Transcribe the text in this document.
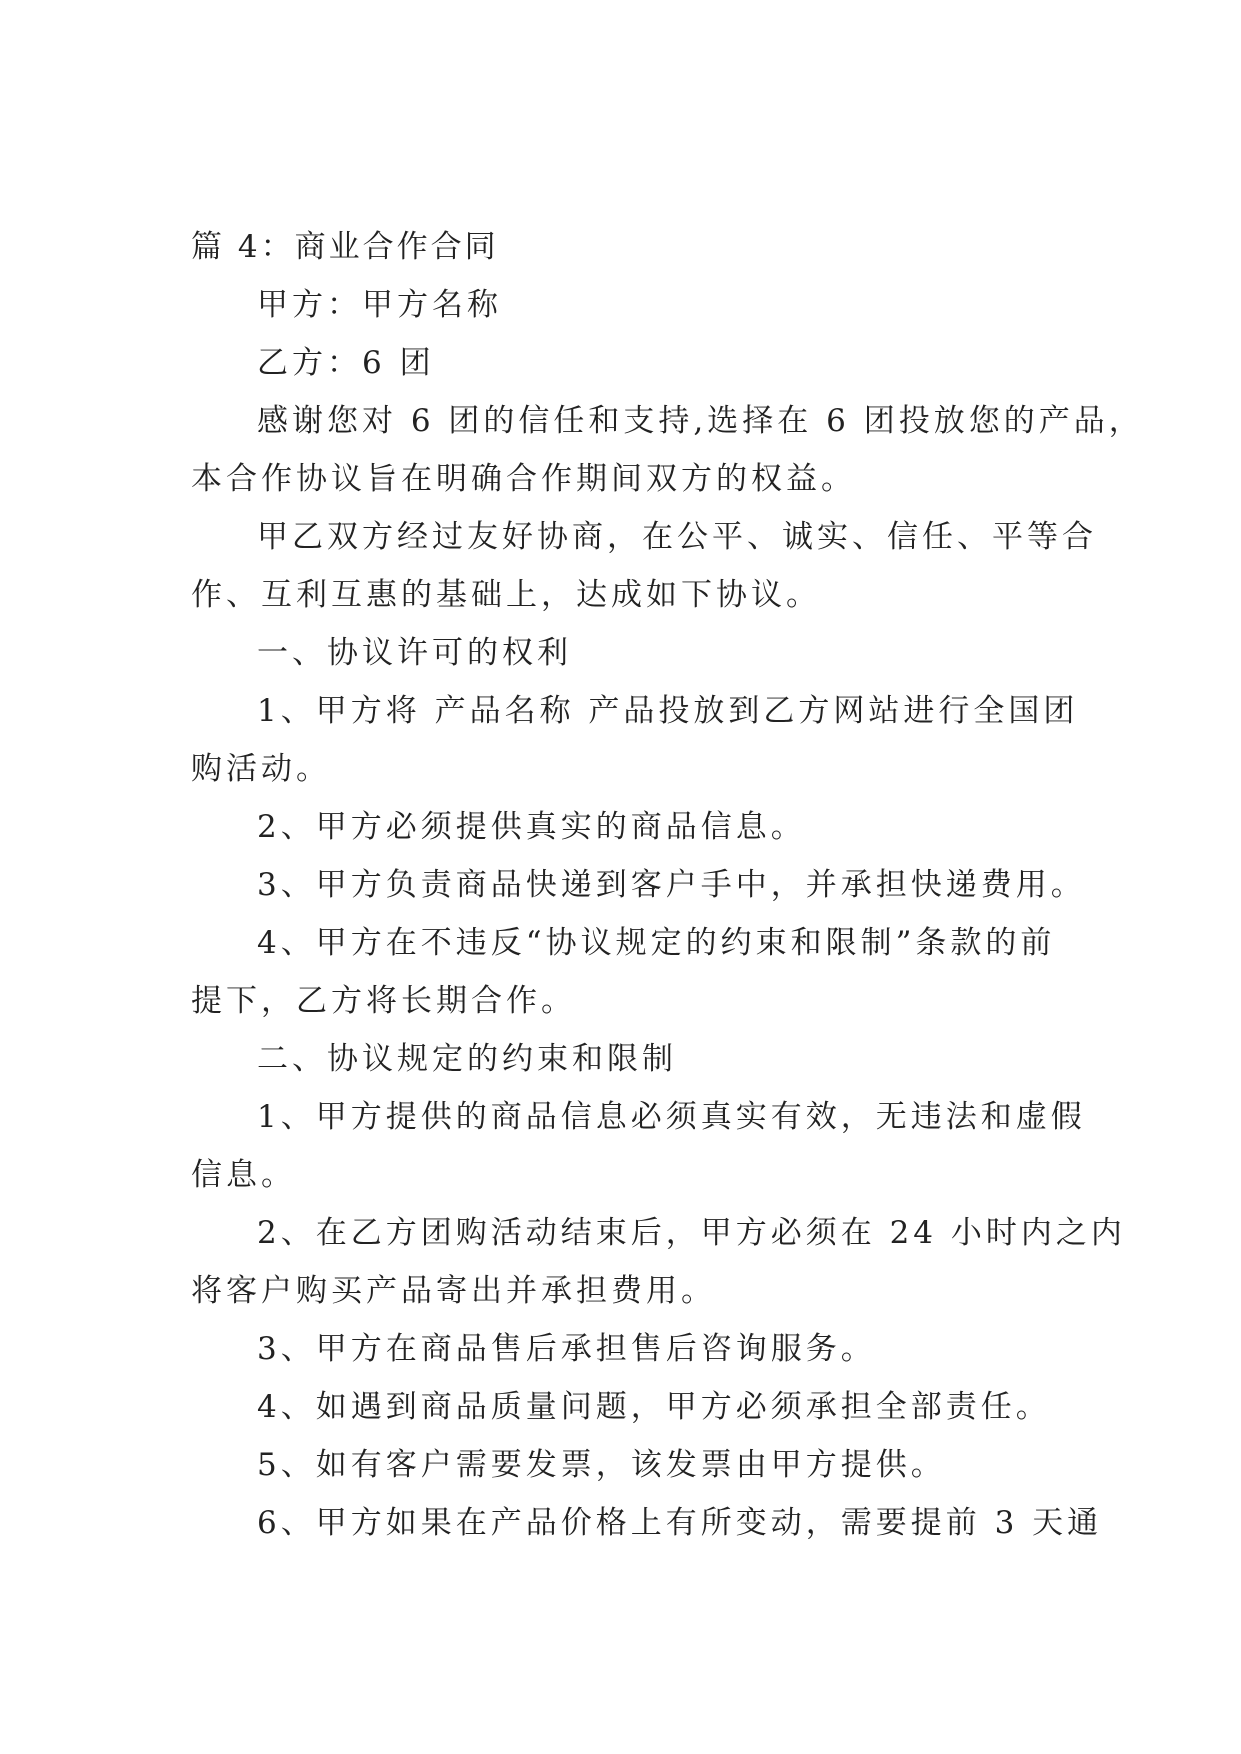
篇 4：商业合作合同
甲方：甲方名称
乙方：6 团
感谢您对 6 团的信任和支持,选择在 6 团投放您的产品，
本合作协议旨在明确合作期间双方的权益。
甲乙双方经过友好协商，在公平、诚实、信任、平等合
作、互利互惠的基础上，达成如下协议。
一、协议许可的权利
1、甲方将 产品名称 产品投放到乙方网站进行全国团
购活动。
2、甲方必须提供真实的商品信息。
3、甲方负责商品快递到客户手中，并承担快递费用。
4、甲方在不违反“协议规定的约束和限制”条款的前
提下，乙方将长期合作。
二、协议规定的约束和限制
1、甲方提供的商品信息必须真实有效，无违法和虚假
信息。
2、在乙方团购活动结束后，甲方必须在 24 小时内之内
将客户购买产品寄出并承担费用。
3、甲方在商品售后承担售后咨询服务。
4、如遇到商品质量问题，甲方必须承担全部责任。
5、如有客户需要发票，该发票由甲方提供。
6、甲方如果在产品价格上有所变动，需要提前 3 天通
